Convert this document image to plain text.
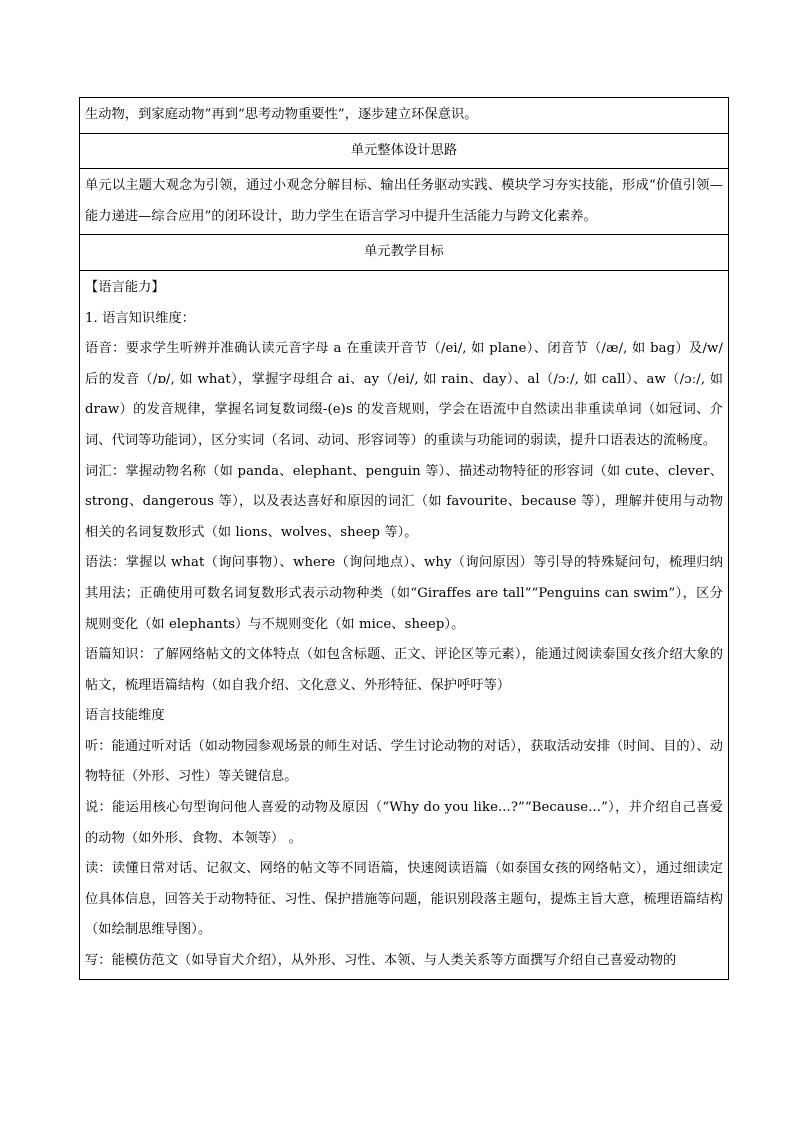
生动物，到家庭动物”再到“思考动物重要性”，逐步建立环保意识。
单元整体设计思路

单元以主题大观念为引领，通过小观念分解目标、输出任务驱动实践、模块学习夯实技能，形成“价值引领—能力递进—综合应用”的闭环设计，助力学生在语言学习中提升生活能力与跨文化素养。

单元教学目标

【语言能力】

1. 语言知识维度：

语音：要求学生听辨并准确认读元音字母 a 在重读开音节（/ei/, 如 plane）、闭音节（/æ/, 如 bag）及/w/后的发音（/ɒ/, 如 what），掌握字母组合 ai、ay（/ei/, 如 rain、day）、al（/ɔː/, 如 call）、aw（/ɔː/, 如 draw）的发音规律，掌握名词复数词缀-(e)s 的发音规则，学会在语流中自然读出非重读单词（如冠词、介词、代词等功能词），区分实词（名词、动词、形容词等）的重读与功能词的弱读，提升口语表达的流畅度。

词汇：掌握动物名称（如 panda、elephant、penguin 等）、描述动物特征的形容词（如 cute、clever、strong、dangerous 等），以及表达喜好和原因的词汇（如 favourite、because 等），理解并使用与动物相关的名词复数形式（如 lions、wolves、sheep 等）。

语法：掌握以 what（询问事物）、where（询问地点）、why（询问原因）等引导的特殊疑问句，梳理归纳其用法；正确使用可数名词复数形式表示动物种类（如“Giraffes are tall”“Penguins can swim”），区分规则变化（如 elephants）与不规则变化（如 mice、sheep）。

语篇知识：了解网络帖文的文体特点（如包含标题、正文、评论区等元素），能通过阅读泰国女孩介绍大象的帖文，梳理语篇结构（如自我介绍、文化意义、外形特征、保护呼吁等）

语言技能维度

听：能通过听对话（如动物园参观场景的师生对话、学生讨论动物的对话），获取活动安排（时间、目的）、动物特征（外形、习性）等关键信息。

说：能运用核心句型询问他人喜爱的动物及原因（“Why do you like...?”“Because...”），并介绍自己喜爱的动物（如外形、食物、本领等） 。

读：读懂日常对话、记叙文、网络的帖文等不同语篇，快速阅读语篇（如泰国女孩的网络帖文），通过细读定位具体信息，回答关于动物特征、习性、保护措施等问题，能识别段落主题句，提炼主旨大意，梳理语篇结构（如绘制思维导图）。

写：能模仿范文（如导盲犬介绍），从外形、习性、本领、与人类关系等方面撰写介绍自己喜爱动物的
